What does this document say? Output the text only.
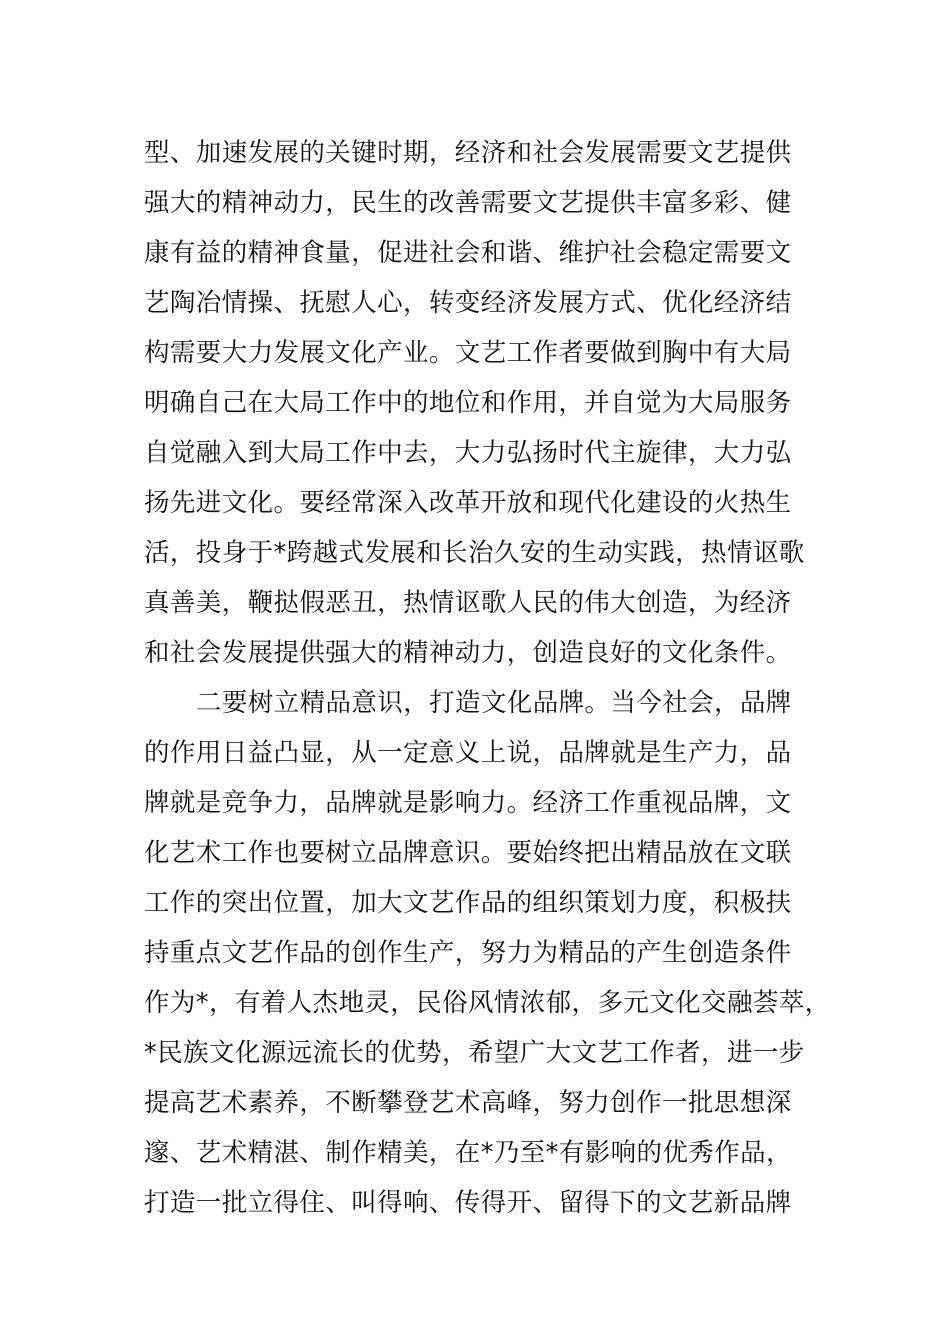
型、加速发展的关键时期，经济和社会发展需要文艺提供
强大的精神动力，民生的改善需要文艺提供丰富多彩、健
康有益的精神食量，促进社会和谐、维护社会稳定需要文
艺陶冶情操、抚慰人心，转变经济发展方式、优化经济结
构需要大力发展文化产业。文艺工作者要做到胸中有大局
明确自己在大局工作中的地位和作用，并自觉为大局服务
自觉融入到大局工作中去，大力弘扬时代主旋律，大力弘
扬先进文化。要经常深入改革开放和现代化建设的火热生
活，投身于*跨越式发展和长治久安的生动实践，热情讴歌
真善美，鞭挞假恶丑，热情讴歌人民的伟大创造，为经济
和社会发展提供强大的精神动力，创造良好的文化条件。
二要树立精品意识，打造文化品牌。当今社会，品牌
的作用日益凸显，从一定意义上说，品牌就是生产力，品
牌就是竞争力，品牌就是影响力。经济工作重视品牌，文
化艺术工作也要树立品牌意识。要始终把出精品放在文联
工作的突出位置，加大文艺作品的组织策划力度，积极扶
持重点文艺作品的创作生产，努力为精品的产生创造条件
作为*，有着人杰地灵，民俗风情浓郁，多元文化交融荟萃，
*民族文化源远流长的优势，希望广大文艺工作者，进一步
提高艺术素养，不断攀登艺术高峰，努力创作一批思想深
邃、艺术精湛、制作精美，在*乃至*有影响的优秀作品，
打造一批立得住、叫得响、传得开、留得下的文艺新品牌
